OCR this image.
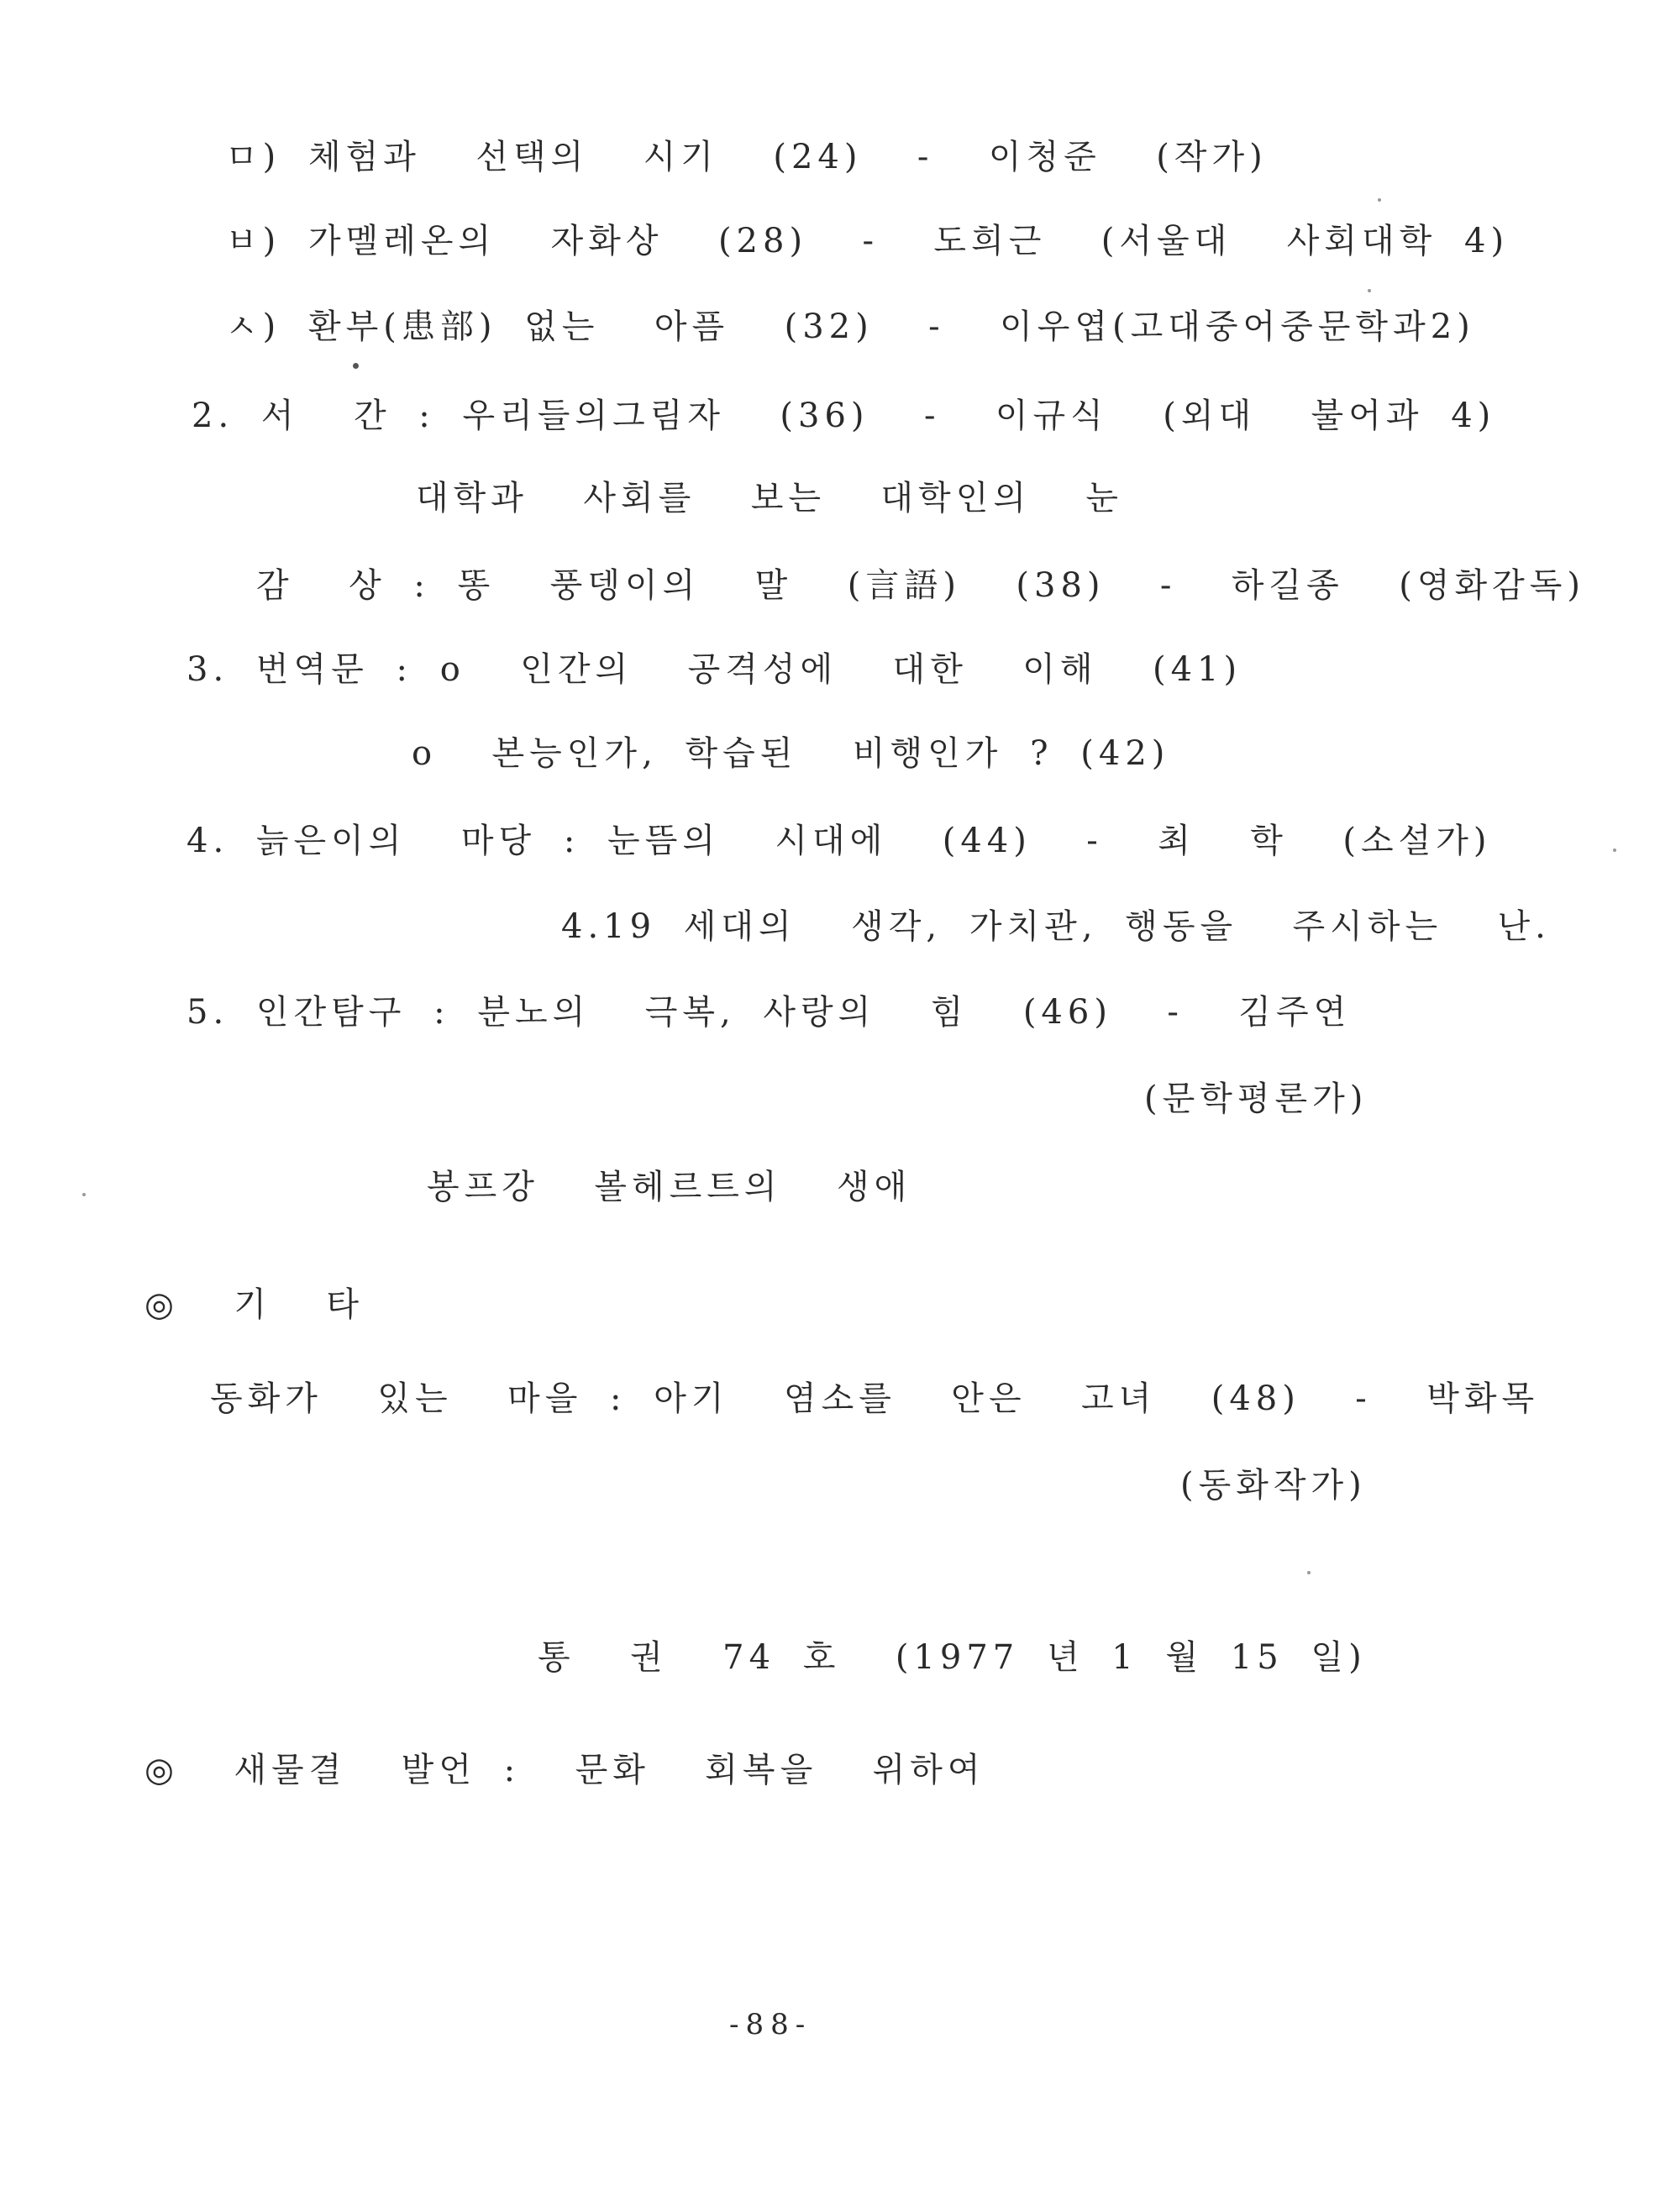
ㅁ) 체험과  선택의  시기  (24)  -  이청준  (작가)
ㅂ) 가멜레온의  자화상  (28)  -  도희근  (서울대  사회대학 4)
ㅅ) 환부(患部) 없는  아픔  (32)  -  이우엽(고대중어중문학과2)
2. 서  간 : 우리들의그림자  (36)  -  이규식  (외대  불어과 4)
대학과  사회를  보는  대학인의  눈
감  상 : 똥  풍뎅이의  말  (言語)  (38)  -  하길종  (영화감독)
3. 번역문 : o  인간의  공격성에  대한  이해  (41)
o  본능인가, 학습된  비행인가 ? (42)
4. 늙은이의  마당 : 눈뜸의  시대에  (44)  -  최  학  (소설가)
4.19 세대의  생각, 가치관, 행동을  주시하는  난.
5. 인간탐구 : 분노의  극복, 사랑의  힘  (46)  -  김주연
(문학평론가)
봉프강  볼헤르트의  생애
◎  기  타
동화가  있는  마을 : 아기  염소를  안은  고녀  (48)  -  박화목
(동화작가)
통  권  74 호  (1977 년 1 월 15 일)
◎  새물결  발언 :  문화  회복을  위하여
-88-
